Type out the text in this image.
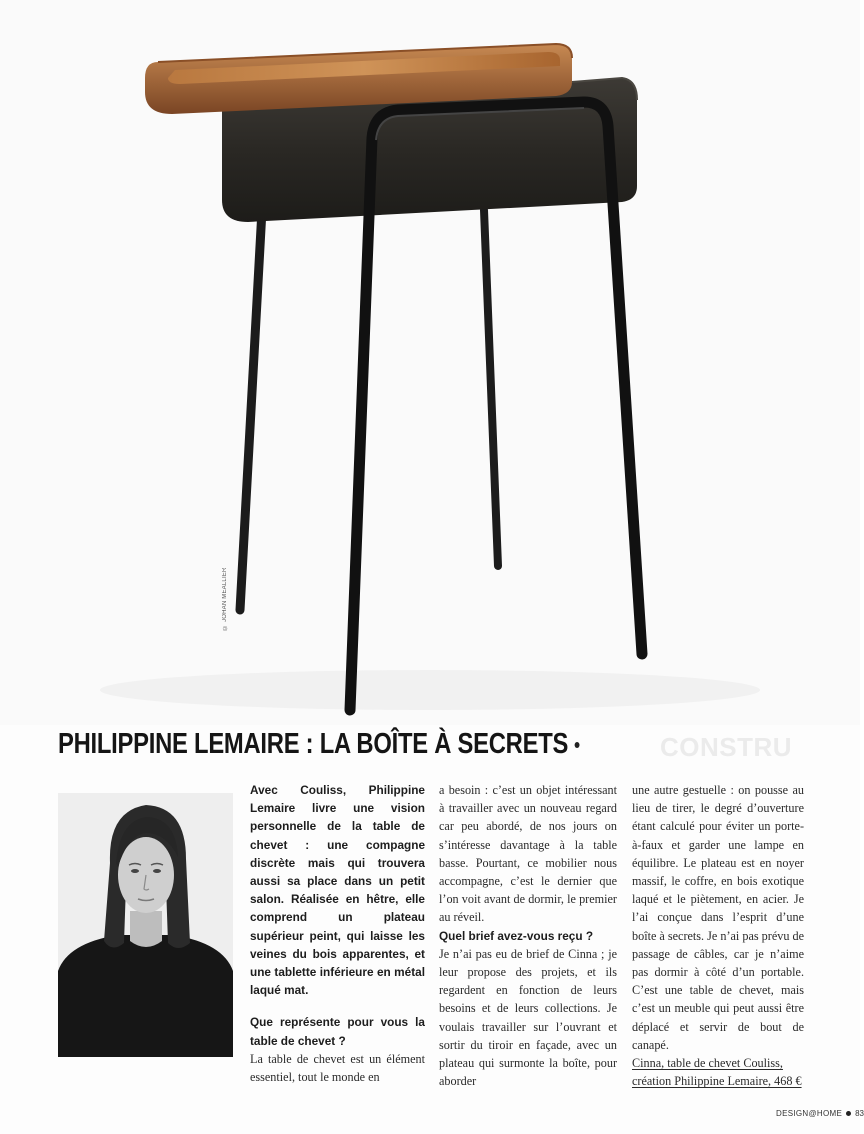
© JOHAN MEALLIER
CONSTRU
PHILIPPINE LEMAIRE : LA BOÎTE À SECRETS

Avec Couliss, Philippine Lemaire livre une vision personnelle de la table de chevet : une compagne discrète mais qui trouvera aussi sa place dans un petit salon. Réalisée en hêtre, elle comprend un plateau supérieur peint, qui laisse les veines du bois apparentes, et une tablette inférieure en métal laqué mat.

Que représente pour vous la table de chevet ?

La table de chevet est un élément essentiel, tout le monde en

a besoin : c’est un objet intéressant à travailler avec un nouveau regard car peu abordé, de nos jours on s’intéresse davantage à la table basse. Pourtant, ce mobilier nous accompagne, c’est le dernier que l’on voit avant de dormir, le premier au réveil.

Quel brief avez-vous reçu ?

Je n’ai pas eu de brief de Cinna ; je leur propose des projets, et ils regardent en fonction de leurs besoins et de leurs collections. Je voulais travailler sur l’ouvrant et sortir du tiroir en façade, avec un plateau qui surmonte la boîte, pour aborder

une autre gestuelle : on pousse au lieu de tirer, le degré d’ouverture étant calculé pour éviter un porte-à-faux et garder une lampe en équilibre. Le plateau est en noyer massif, le coffre, en bois exotique laqué et le piètement, en acier. Je l’ai conçue dans l’esprit d’une boîte à secrets. Je n’ai pas prévu de passage de câbles, car je n’aime pas dormir à côté d’un portable. C’est une table de chevet, mais c’est un meuble qui peut aussi être déplacé et servir de bout de canapé.

Cinna, table de chevet Couliss,

création Philippine Lemaire, 468 €

DESIGN@HOME 83
